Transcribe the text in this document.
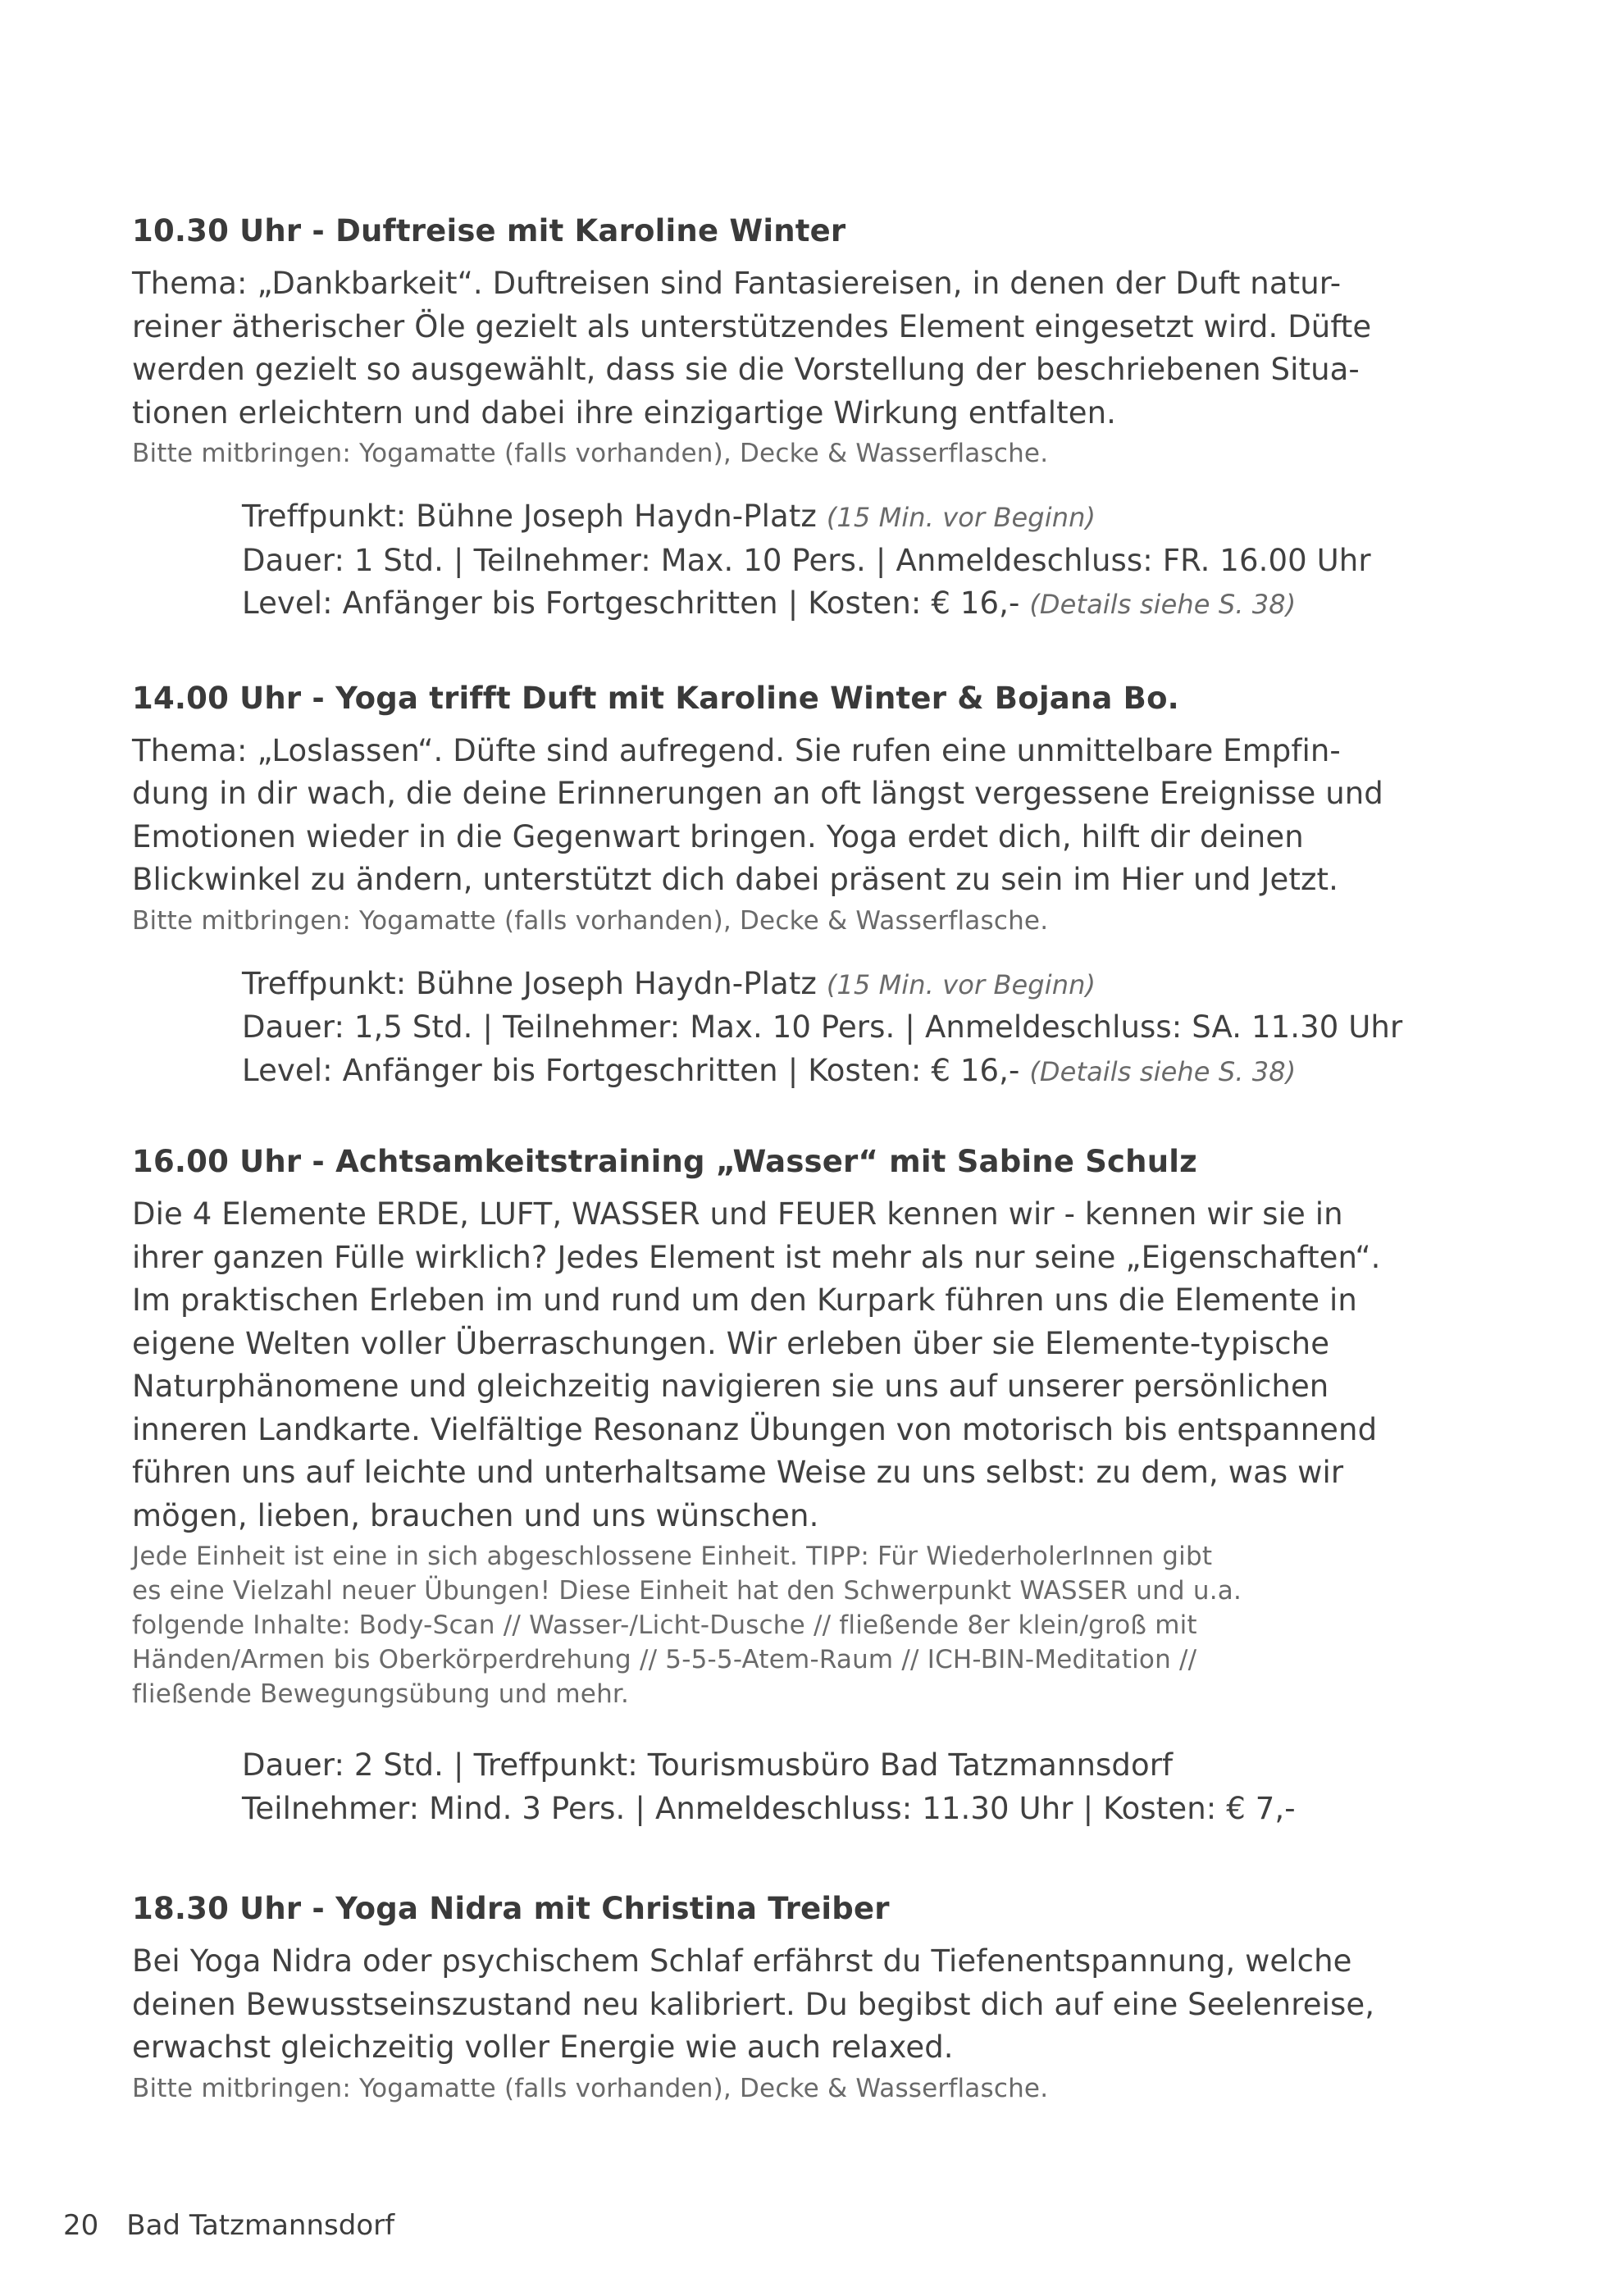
10.30 Uhr - Duftreise mit Karoline Winter

Thema: „Dankbarkeit“. Duftreisen sind Fantasiereisen, in denen der Duft natur-
reiner ätherischer Öle gezielt als unterstützendes Element eingesetzt wird. Düfte
werden gezielt so ausgewählt, dass sie die Vorstellung der beschriebenen Situa-
tionen erleichtern und dabei ihre einzigartige Wirkung entfalten.

Bitte mitbringen: Yogamatte (falls vorhanden), Decke & Wasserflasche.

Treffpunkt: Bühne Joseph Haydn-Platz (15 Min. vor Beginn)
Dauer: 1 Std. | Teilnehmer: Max. 10 Pers. | Anmeldeschluss: FR. 16.00 Uhr
Level: Anfänger bis Fortgeschritten | Kosten: € 16,- (Details siehe S. 38)
14.00 Uhr - Yoga trifft Duft mit Karoline Winter & Bojana Bo.

Thema: „Loslassen“. Düfte sind aufregend. Sie rufen eine unmittelbare Empfin-
dung in dir wach, die deine Erinnerungen an oft längst vergessene Ereignisse und
Emotionen wieder in die Gegenwart bringen. Yoga erdet dich, hilft dir deinen
Blickwinkel zu ändern, unterstützt dich dabei präsent zu sein im Hier und Jetzt.

Bitte mitbringen: Yogamatte (falls vorhanden), Decke & Wasserflasche.

Treffpunkt: Bühne Joseph Haydn-Platz (15 Min. vor Beginn)
Dauer: 1,5 Std. | Teilnehmer: Max. 10 Pers. | Anmeldeschluss: SA. 11.30 Uhr
Level: Anfänger bis Fortgeschritten | Kosten: € 16,- (Details siehe S. 38)
16.00 Uhr - Achtsamkeitstraining „Wasser“ mit Sabine Schulz

Die 4 Elemente ERDE, LUFT, WASSER und FEUER kennen wir - kennen wir sie in
ihrer ganzen Fülle wirklich? Jedes Element ist mehr als nur seine „Eigenschaften“.
Im praktischen Erleben im und rund um den Kurpark führen uns die Elemente in
eigene Welten voller Überraschungen. Wir erleben über sie Elemente-typische
Naturphänomene und gleichzeitig navigieren sie uns auf unserer persönlichen
inneren Landkarte. Vielfältige Resonanz Übungen von motorisch bis entspannend
führen uns auf leichte und unterhaltsame Weise zu uns selbst: zu dem, was wir
mögen, lieben, brauchen und uns wünschen.

Jede Einheit ist eine in sich abgeschlossene Einheit. TIPP: Für WiederholerInnen gibt
es eine Vielzahl neuer Übungen! Diese Einheit hat den Schwerpunkt WASSER und u.a.
folgende Inhalte: Body-Scan // Wasser-/Licht-Dusche // fließende 8er klein/groß mit
Händen/Armen bis Oberkörperdrehung // 5-5-5-Atem-Raum // ICH-BIN-Meditation //
fließende Bewegungsübung und mehr.

Dauer: 2 Std. | Treffpunkt: Tourismusbüro Bad Tatzmannsdorf
Teilnehmer: Mind. 3 Pers. | Anmeldeschluss: 11.30 Uhr | Kosten: € 7,-
18.30 Uhr - Yoga Nidra mit Christina Treiber

Bei Yoga Nidra oder psychischem Schlaf erfährst du Tiefenentspannung, welche
deinen Bewusstseinszustand neu kalibriert. Du begibst dich auf eine Seelenreise,
erwachst gleichzeitig voller Energie wie auch relaxed.

Bitte mitbringen: Yogamatte (falls vorhanden), Decke & Wasserflasche.

20 Bad Tatzmannsdorf
